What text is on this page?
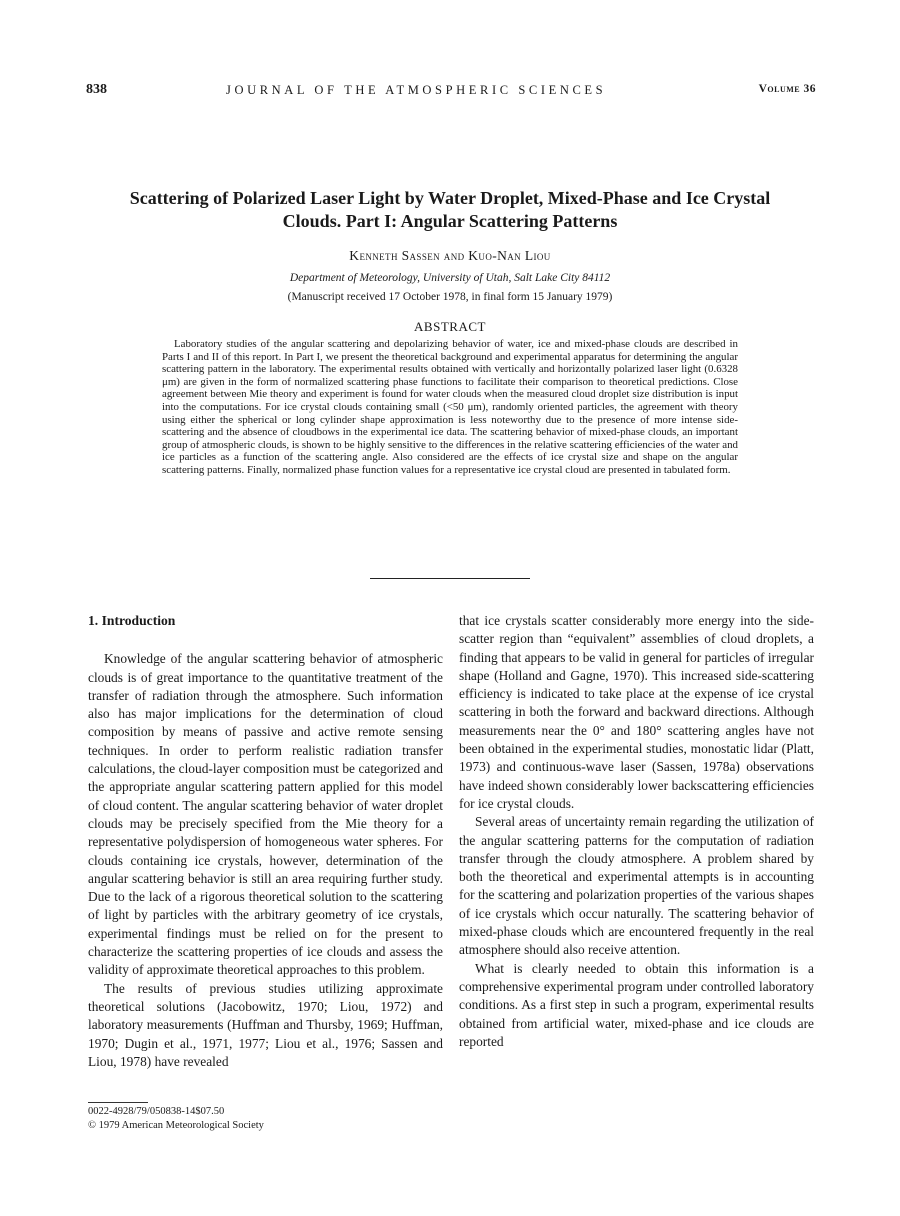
838	JOURNAL OF THE ATMOSPHERIC SCIENCES	Volume 36
Scattering of Polarized Laser Light by Water Droplet, Mixed-Phase and Ice Crystal Clouds. Part I: Angular Scattering Patterns
Kenneth Sassen and Kuo-Nan Liou
Department of Meteorology, University of Utah, Salt Lake City 84112
(Manuscript received 17 October 1978, in final form 15 January 1979)
ABSTRACT

Laboratory studies of the angular scattering and depolarizing behavior of water, ice and mixed-phase clouds are described in Parts I and II of this report. In Part I, we present the theoretical background and experimental apparatus for determining the angular scattering pattern in the laboratory. The experimental results obtained with vertically and horizontally polarized laser light (0.6328 μm) are given in the form of normalized scattering phase functions to facilitate their comparison to theoretical predictions. Close agreement between Mie theory and experiment is found for water clouds when the measured cloud droplet size distribution is input into the computations. For ice crystal clouds containing small (<50 μm), randomly oriented particles, the agreement with theory using either the spherical or long cylinder shape approximation is less noteworthy due to the presence of more intense side-scattering and the absence of cloudbows in the experimental ice data. The scattering behavior of mixed-phase clouds, an important group of atmospheric clouds, is shown to be highly sensitive to the differences in the relative scattering efficiencies of the water and ice particles as a function of the scattering angle. Also considered are the effects of ice crystal size and shape on the angular scattering patterns. Finally, normalized phase function values for a representative ice crystal cloud are presented in tabulated form.

1. Introduction

Knowledge of the angular scattering behavior of atmospheric clouds is of great importance to the quantitative treatment of the transfer of radiation through the atmosphere. Such information also has major implications for the determination of cloud composition by means of passive and active remote sensing techniques. In order to perform realistic radiation transfer calculations, the cloud-layer composition must be categorized and the appropriate angular scattering pattern applied for this model of cloud content. The angular scattering behavior of water droplet clouds may be precisely specified from the Mie theory for a representative polydispersion of homogeneous water spheres. For clouds containing ice crystals, however, determination of the angular scattering behavior is still an area requiring further study. Due to the lack of a rigorous theoretical solution to the scattering of light by particles with the arbitrary geometry of ice crystals, experimental findings must be relied on for the present to characterize the scattering properties of ice clouds and assess the validity of approximate theoretical approaches to this problem.

The results of previous studies utilizing approximate theoretical solutions (Jacobowitz, 1970; Liou, 1972) and laboratory measurements (Huffman and Thursby, 1969; Huffman, 1970; Dugin et al., 1971, 1977; Liou et al., 1976; Sassen and Liou, 1978) have revealed

that ice crystals scatter considerably more energy into the side-scatter region than “equivalent” assemblies of cloud droplets, a finding that appears to be valid in general for particles of irregular shape (Holland and Gagne, 1970). This increased side-scattering efficiency is indicated to take place at the expense of ice crystal scattering in both the forward and backward directions. Although measurements near the 0° and 180° scattering angles have not been obtained in the experimental studies, monostatic lidar (Platt, 1973) and continuous-wave laser (Sassen, 1978a) observations have indeed shown considerably lower backscattering efficiencies for ice crystal clouds.

Several areas of uncertainty remain regarding the utilization of the angular scattering patterns for the computation of radiation transfer through the cloudy atmosphere. A problem shared by both the theoretical and experimental attempts is in accounting for the scattering and polarization properties of the various shapes of ice crystals which occur naturally. The scattering behavior of mixed-phase clouds which are encountered frequently in the real atmosphere should also receive attention.

What is clearly needed to obtain this information is a comprehensive experimental program under controlled laboratory conditions. As a first step in such a program, experimental results obtained from artificial water, mixed-phase and ice clouds are reported

0022-4928/79/050838-14$07.50
© 1979 American Meteorological Society
